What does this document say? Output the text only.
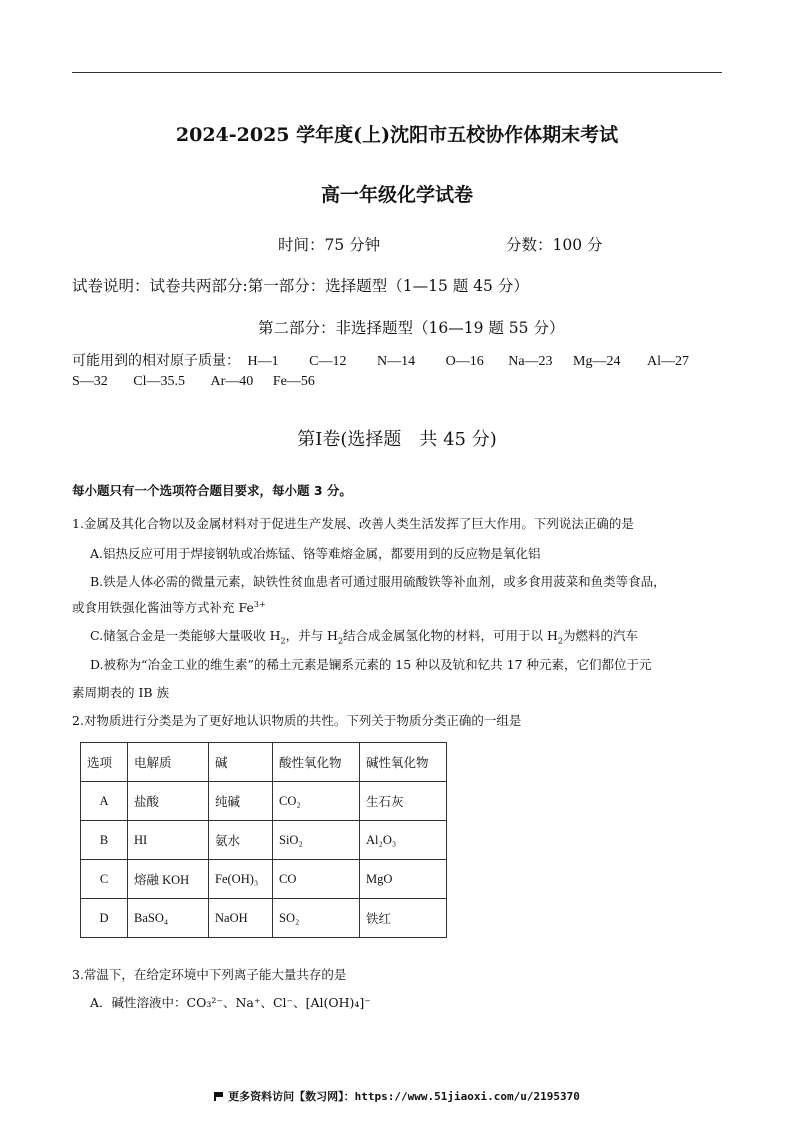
2024-2025 学年度(上)沈阳市五校协作体期末考试
高一年级化学试卷
时间：75 分钟	分数：100 分
试卷说明：试卷共两部分:第一部分：选择题型（1—15 题 45 分）
第二部分：非选择题型（16—19 题 55 分）
可能用到的相对原子质量： H—1 C—12 N—14 O—16 Na—23 Mg—24 Al—27
S—32 Cl—35.5 Ar—40 Fe—56
第Ⅰ卷(选择题　共 45 分)
每小题只有一个选项符合题目要求，每小题 3 分。
1.金属及其化合物以及金属材料对于促进生产发展、改善人类生活发挥了巨大作用。下列说法正确的是
A.铝热反应可用于焊接钢轨或冶炼锰、铬等难熔金属，都要用到的反应物是氧化铝
B.铁是人体必需的微量元素，缺铁性贫血患者可通过服用硫酸铁等补血剂，或多食用菠菜和鱼类等食品，
或食用铁强化酱油等方式补充 $Fe^{3+}$
C.储氢合金是一类能够大量吸收 $H_2$，并与 $H_2$结合成金属氢化物的材料，可用于以 $H_2$为燃料的汽车
D.被称为“冶金工业的维生素”的稀土元素是镧系元素的 15 种以及钪和钇共 17 种元素，它们都位于元
素周期表的 IB 族
2.对物质进行分类是为了更好地认识物质的共性。下列关于物质分类正确的一组是
选项	电解质	碱	酸性氧化物	碱性氧化物
A	盐酸	纯碱	CO₂	生石灰
B	HI	氨水	SiO₂	Al₂O₃
C	熔融 KOH	Fe(OH)₃	CO	MgO
D	BaSO₄	NaOH	SO₂	铁红
3.常温下，在给定环境中下列离子能大量共存的是
A．碱性溶液中：CO₃²⁻、Na⁺、Cl⁻、[Al(OH)₄]⁻
更多资料访问【数习网】：https://www.51jiaoxi.com/u/2195370
